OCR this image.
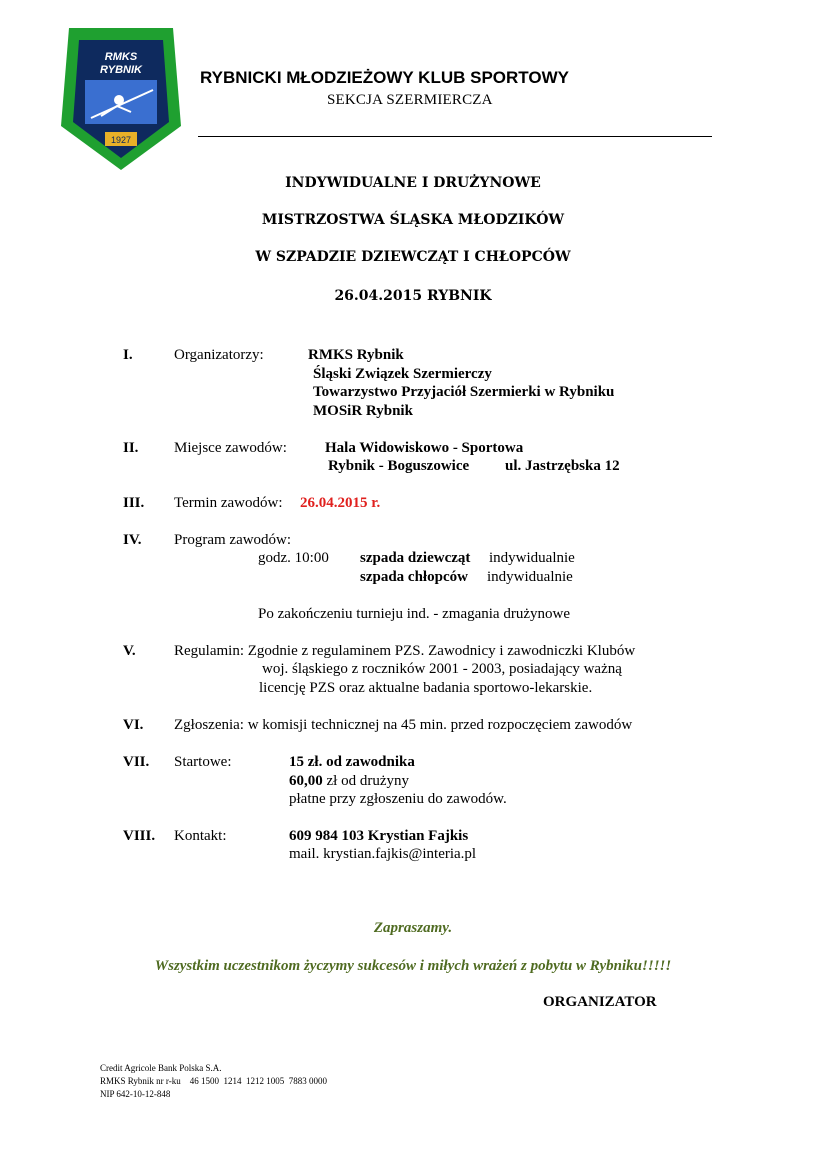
RMKS
RYBNIK
1927
RYBNICKI MŁODZIEŻOWY KLUB SPORTOWY
SEKCJA SZERMIERCZA
INDYWIDUALNE I DRUŻYNOWE
MISTRZOSTWA ŚLĄSKA MŁODZIKÓW
W SZPADZIE DZIEWCZĄT I CHŁOPCÓW
26.04.2015 RYBNIK
I.	Organizatorzy:	RMKS Rybnik
Śląski Związek Szermierczy
Towarzystwo Przyjaciół Szermierki w Rybniku
MOSiR Rybnik
II. Miejsce zawodów:	Hala Widowiskowo - Sportowa
Rybnik - Boguszowice ul. Jastrzębska 12
III. Termin zawodów: 26.04.2015 r.
IV. Program zawodów:
godz. 10:00 szpada dziewcząt indywidualnie
szpada chłopców indywidualnie
Po zakończeniu turnieju ind. - zmagania drużynowe
V.	Regulamin: Zgodnie z regulaminem PZS. Zawodnicy i zawodniczki Klubów
woj. śląskiego z roczników 2001 - 2003, posiadający ważną
licencję PZS oraz aktualne badania sportowo-lekarskie.
VI. Zgłoszenia: w komisji technicznej na 45 min. przed rozpoczęciem zawodów
VII. Startowe:	15 zł. od zawodnika
60,00 zł od drużyny
płatne przy zgłoszeniu do zawodów.
VIII. Kontakt:	609 984 103 Krystian Fajkis
mail. krystian.fajkis@interia.pl
Zapraszamy.
Wszystkim uczestnikom życzymy sukcesów i miłych wrażeń z pobytu w Rybniku!!!!!
ORGANIZATOR
Credit Agricole Bank Polska S.A.
RMKS Rybnik nr r-ku    46 1500  1214  1212 1005  7883 0000
NIP 642-10-12-848
